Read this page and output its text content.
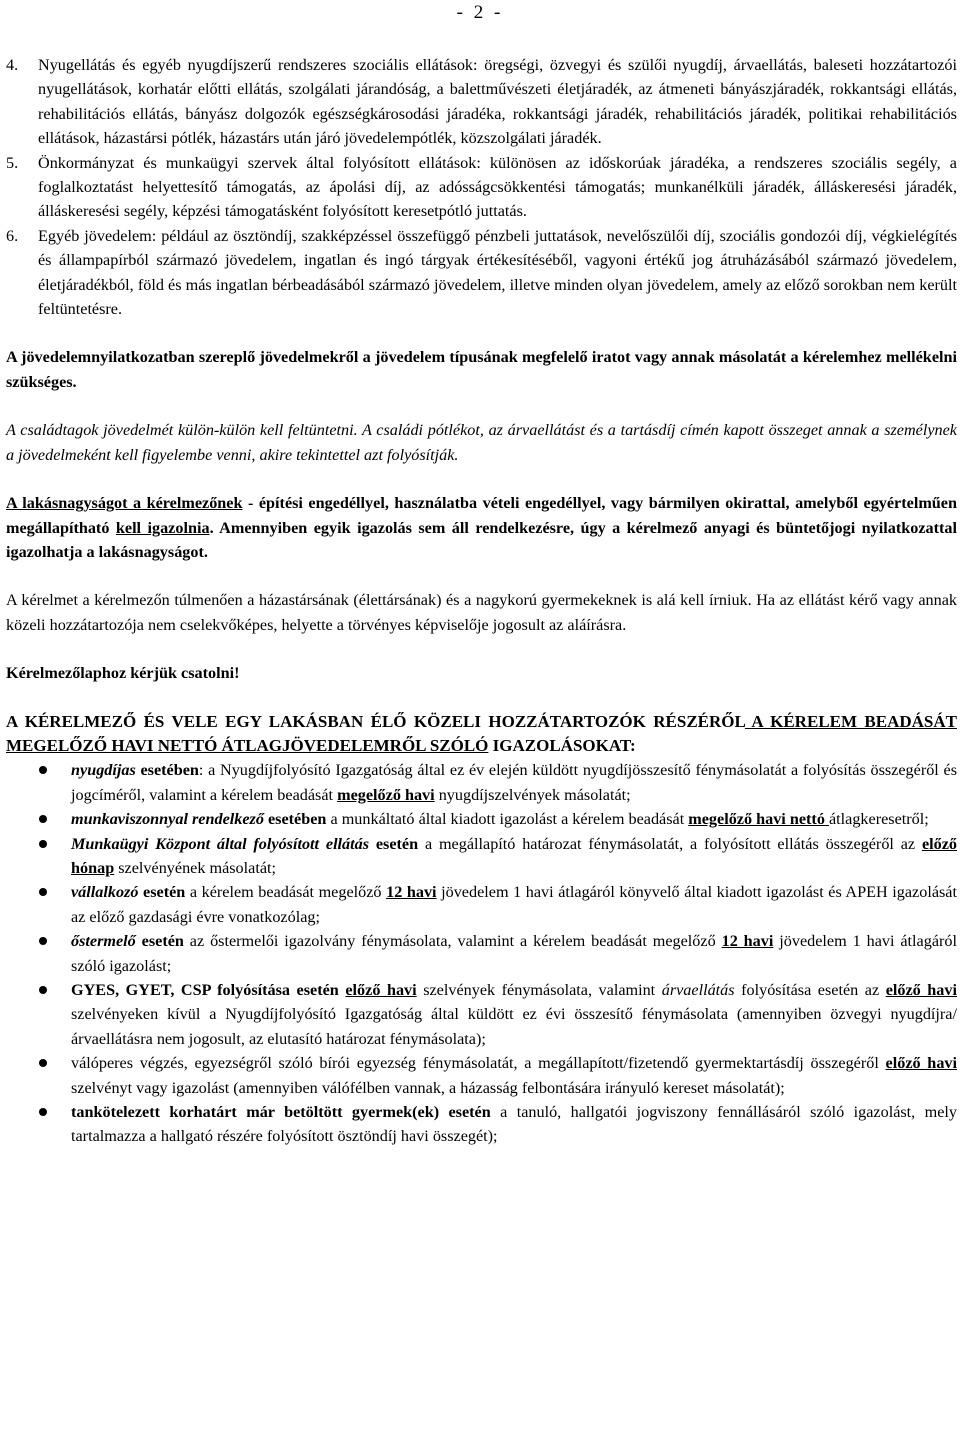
- 2 -
4.	Nyugellátás és egyéb nyugdíjszerű rendszeres szociális ellátások: öregségi, özvegyi és szülői nyugdíj, árvaellátás, baleseti hozzátartozói nyugellátások, korhatár előtti ellátás, szolgálati járandóság, a balettművészeti életjáradék, az átmeneti bányászjáradék, rokkantsági ellátás, rehabilitációs ellátás, bányász dolgozók egészségkárosodási járadéka, rokkantsági járadék, rehabilitációs járadék, politikai rehabilitációs ellátások, házastársi pótlék, házastárs után járó jövedelempótlék, közszolgálati járadék.
5.	Önkormányzat és munkaügyi szervek által folyósított ellátások: különösen az időskorúak járadéka, a rendszeres szociális segély, a foglalkoztatást helyettesítő támogatás, az ápolási díj, az adósságcsökkentési támogatás; munkanélküli járadék, álláskeresési járadék, álláskeresési segély, képzési támogatásként folyósított keresetpótló juttatás.
6.	Egyéb jövedelem: például az ösztöndíj, szakképzéssel összefüggő pénzbeli juttatások, nevelőszülői díj, szociális gondozói díj, végkielégítés és állampapírból származó jövedelem, ingatlan és ingó tárgyak értékesítéséből, vagyoni értékű jog átruházásából származó jövedelem, életjáradékból, föld és más ingatlan bérbeadásából származó jövedelem, illetve minden olyan jövedelem, amely az előző sorokban nem került feltüntetésre.

A jövedelemnyilatkozatban szereplő jövedelmekről a jövedelem típusának megfelelő iratot vagy annak másolatát a kérelemhez mellékelni szükséges.

A családtagok jövedelmét külön-külön kell feltüntetni. A családi pótlékot, az árvaellátást és a tartásdíj címén kapott összeget annak a személynek a jövedelmeként kell figyelembe venni, akire tekintettel azt folyósítják.

A lakásnagyságot a kérelmezőnek - építési engedéllyel, használatba vételi engedéllyel, vagy bármilyen okirattal, amelyből egyértelműen megállapítható kell igazolnia. Amennyiben egyik igazolás sem áll rendelkezésre, úgy a kérelmező anyagi és büntetőjogi nyilatkozattal igazolhatja a lakásnagyságot.

A kérelmet a kérelmezőn túlmenően a házastársának (élettársának) és a nagykorú gyermekeknek is alá kell írniuk. Ha az ellátást kérő vagy annak közeli hozzátartozója nem cselekvőképes, helyette a törvényes képviselője jogosult az aláírásra.

Kérelmezőlaphoz kérjük csatolni!

A KÉRELMEZŐ ÉS VELE EGY LAKÁSBAN ÉLŐ KÖZELI HOZZÁTARTOZÓK RÉSZÉRŐL A KÉRELEM BEADÁSÁT MEGELŐZŐ HAVI NETTÓ ÁTLAGJÖVEDELEMRŐL SZÓLÓ IGAZOLÁSOKAT:

nyugdíjas esetében: a Nyugdíjfolyósító Igazgatóság által ez év elején küldött nyugdíjösszesítő fénymásolatát a folyósítás összegéről és jogcíméről, valamint a kérelem beadását megelőző havi nyugdíjszelvények másolatát;
munkaviszonnyal rendelkező esetében a munkáltató által kiadott igazolást a kérelem beadását megelőző havi nettó átlagkeresetről;
Munkaügyi Központ által folyósított ellátás esetén a megállapító határozat fénymásolatát, a folyósított ellátás összegéről az előző hónap szelvényének másolatát;
vállalkozó esetén a kérelem beadását megelőző 12 havi jövedelem 1 havi átlagáról könyvelő által kiadott igazolást és APEH igazolását az előző gazdasági évre vonatkozólag;
őstermelő esetén az őstermelői igazolvány fénymásolata, valamint a kérelem beadását megelőző 12 havi jövedelem 1 havi átlagáról szóló igazolást;
GYES, GYET, CSP folyósítása esetén előző havi szelvények fénymásolata, valamint árvaellátás folyósítása esetén az előző havi szelvényeken kívül a Nyugdíjfolyósító Igazgatóság által küldött ez évi összesítő fénymásolata (amennyiben özvegyi nyugdíjra/árvaellátásra nem jogosult, az elutasító határozat fénymásolata);
válóperes végzés, egyezségről szóló bírói egyezség fénymásolatát, a megállapított/fizetendő gyermektartásdíj összegéről előző havi szelvényt vagy igazolást (amennyiben válófélben vannak, a házasság felbontására irányuló kereset másolatát);
tankötelezett korhatárt már betöltött gyermek(ek) esetén a tanuló, hallgatói jogviszony fennállásáról szóló igazolást, mely tartalmazza a hallgató részére folyósított ösztöndíj havi összegét);
